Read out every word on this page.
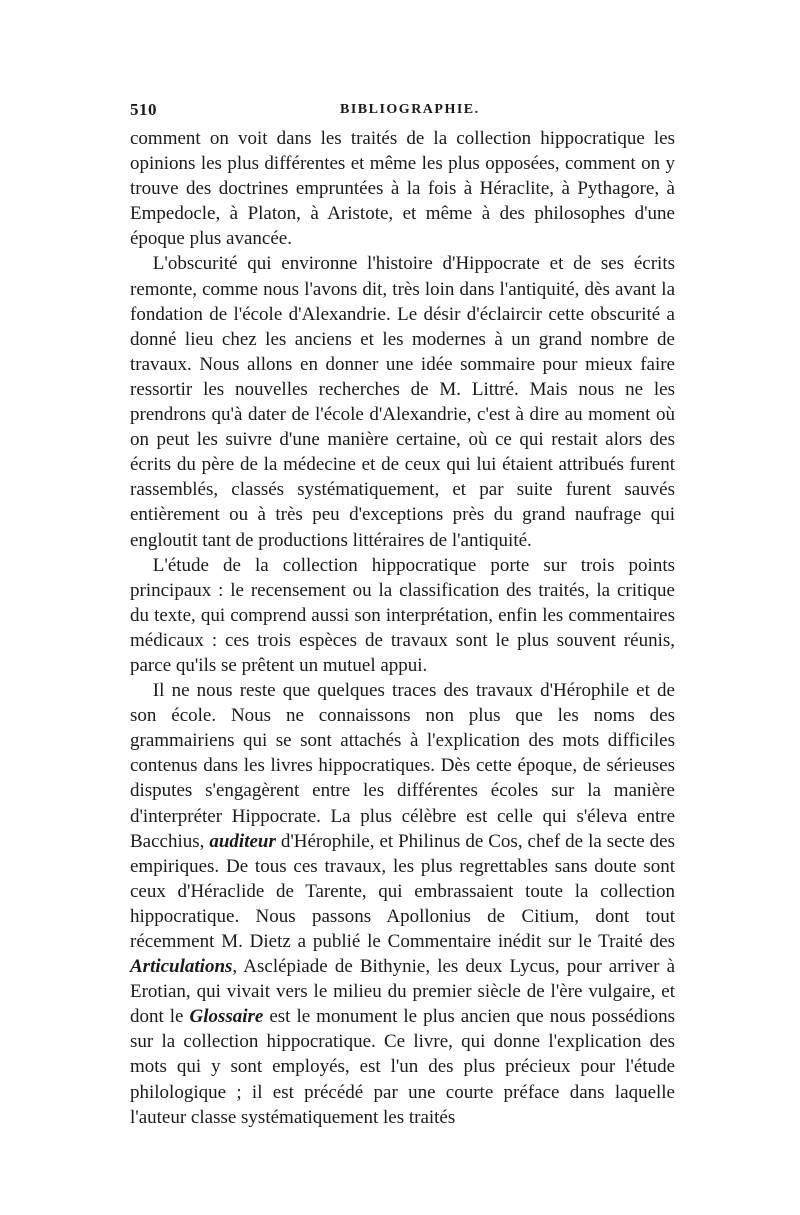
510	BIBLIOGRAPHIE.

comment on voit dans les traités de la collection hippocratique les opinions les plus différentes et même les plus opposées, comment on y trouve des doctrines empruntées à la fois à Héraclite, à Pythagore, à Empedocle, à Platon, à Aristote, et même à des philosophes d'une époque plus avancée.

L'obscurité qui environne l'histoire d'Hippocrate et de ses écrits remonte, comme nous l'avons dit, très loin dans l'antiquité, dès avant la fondation de l'école d'Alexandrie. Le désir d'éclaircir cette obscurité a donné lieu chez les anciens et les modernes à un grand nombre de travaux. Nous allons en donner une idée sommaire pour mieux faire ressortir les nouvelles recherches de M. Littré. Mais nous ne les prendrons qu'à dater de l'école d'Alexandrie, c'est à dire au moment où on peut les suivre d'une manière certaine, où ce qui restait alors des écrits du père de la médecine et de ceux qui lui étaient attribués furent rassemblés, classés systématiquement, et par suite furent sauvés entièrement ou à très peu d'exceptions près du grand naufrage qui engloutit tant de productions littéraires de l'antiquité.

L'étude de la collection hippocratique porte sur trois points principaux : le recensement ou la classification des traités, la critique du texte, qui comprend aussi son interprétation, enfin les commentaires médicaux : ces trois espèces de travaux sont le plus souvent réunis, parce qu'ils se prêtent un mutuel appui.

Il ne nous reste que quelques traces des travaux d'Hérophile et de son école. Nous ne connaissons non plus que les noms des grammairiens qui se sont attachés à l'explication des mots difficiles contenus dans les livres hippocratiques. Dès cette époque, de sérieuses disputes s'engagèrent entre les différentes écoles sur la manière d'interpréter Hippocrate. La plus célèbre est celle qui s'éleva entre Bacchius, auditeur d'Hérophile, et Philinus de Cos, chef de la secte des empiriques. De tous ces travaux, les plus regrettables sans doute sont ceux d'Héraclide de Tarente, qui embrassaient toute la collection hippocratique. Nous passons Apollonius de Citium, dont tout récemment M. Dietz a publié le Commentaire inédit sur le Traité des Articulations, Asclépiade de Bithynie, les deux Lycus, pour arriver à Erotian, qui vivait vers le milieu du premier siècle de l'ère vulgaire, et dont le Glossaire est le monument le plus ancien que nous possédions sur la collection hippocratique. Ce livre, qui donne l'explication des mots qui y sont employés, est l'un des plus précieux pour l'étude philologique ; il est précédé par une courte préface dans laquelle l'auteur classe systématiquement les traités
